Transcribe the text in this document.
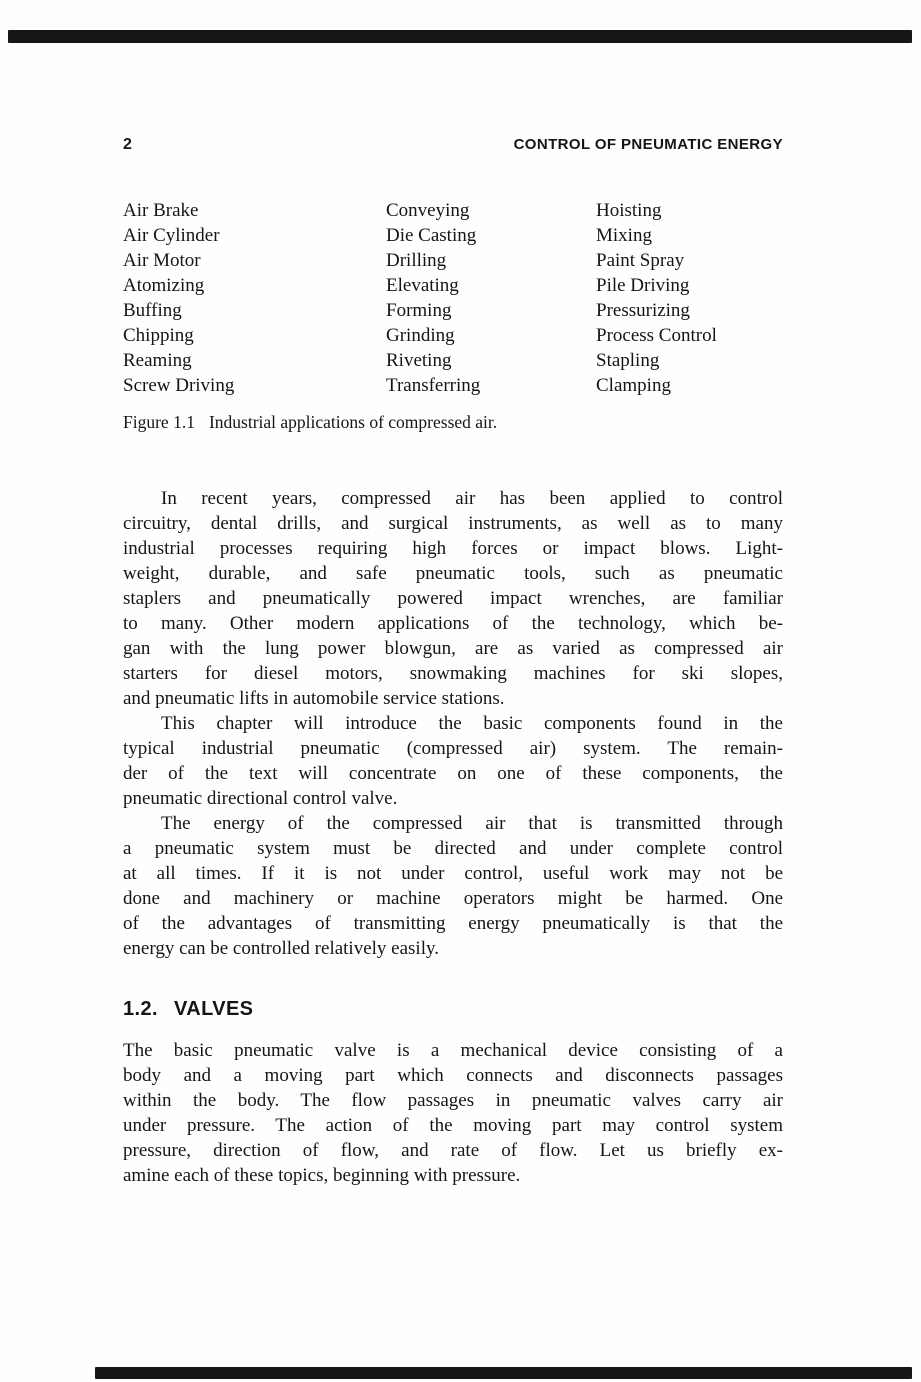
2	CONTROL OF PNEUMATIC ENERGY
Air Brake
Air Cylinder
Air Motor
Atomizing
Buffing
Chipping
Reaming
Screw Driving
Conveying
Die Casting
Drilling
Elevating
Forming
Grinding
Riveting
Transferring
Hoisting
Mixing
Paint Spray
Pile Driving
Pressurizing
Process Control
Stapling
Clamping
Figure 1.1 Industrial applications of compressed air.
In recent years, compressed air has been applied to control
circuitry, dental drills, and surgical instruments, as well as to many
industrial processes requiring high forces or impact blows. Light-
weight, durable, and safe pneumatic tools, such as pneumatic
staplers and pneumatically powered impact wrenches, are familiar
to many. Other modern applications of the technology, which be-
gan with the lung power blowgun, are as varied as compressed air
starters for diesel motors, snowmaking machines for ski slopes,
and pneumatic lifts in automobile service stations.
This chapter will introduce the basic components found in the
typical industrial pneumatic (compressed air) system. The remain-
der of the text will concentrate on one of these components, the
pneumatic directional control valve.
The energy of the compressed air that is transmitted through
a pneumatic system must be directed and under complete control
at all times. If it is not under control, useful work may not be
done and machinery or machine operators might be harmed. One
of the advantages of transmitting energy pneumatically is that the
energy can be controlled relatively easily.
1.2. VALVES
The basic pneumatic valve is a mechanical device consisting of a
body and a moving part which connects and disconnects passages
within the body. The flow passages in pneumatic valves carry air
under pressure. The action of the moving part may control system
pressure, direction of flow, and rate of flow. Let us briefly ex-
amine each of these topics, beginning with pressure.
